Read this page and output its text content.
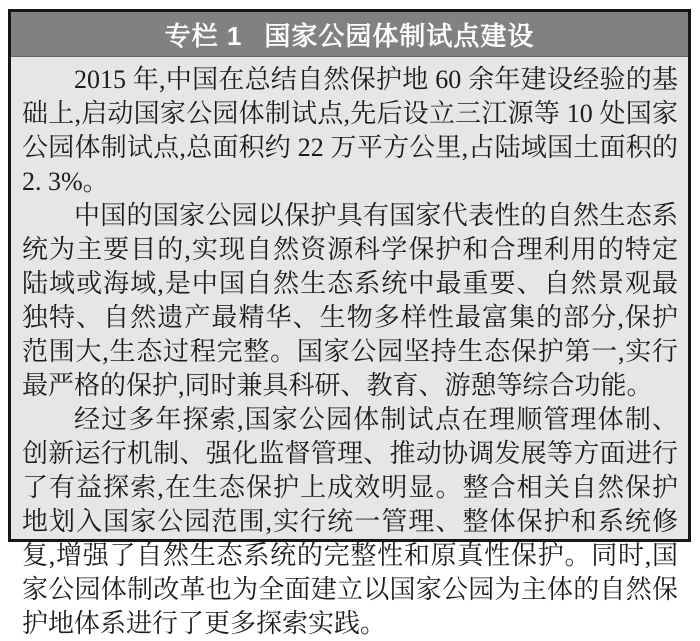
专栏 1 国家公园体制试点建设

2015 年,中国在总结自然保护地 60 余年建设经验的基础上,启动国家公园体制试点,先后设立三江源等 10 处国家公园体制试点,总面积约 22 万平方公里,占陆域国土面积的 2. 3%。

中国的国家公园以保护具有国家代表性的自然生态系统为主要目的,实现自然资源科学保护和合理利用的特定陆域或海域,是中国自然生态系统中最重要、自然景观最独特、自然遗产最精华、生物多样性最富集的部分,保护范围大,生态过程完整。国家公园坚持生态保护第一,实行最严格的保护,同时兼具科研、教育、游憩等综合功能。

经过多年探索,国家公园体制试点在理顺管理体制、创新运行机制、强化监督管理、推动协调发展等方面进行了有益探索,在生态保护上成效明显。整合相关自然保护地划入国家公园范围,实行统一管理、整体保护和系统修复,增强了自然生态系统的完整性和原真性保护。同时,国家公园体制改革也为全面建立以国家公园为主体的自然保护地体系进行了更多探索实践。
